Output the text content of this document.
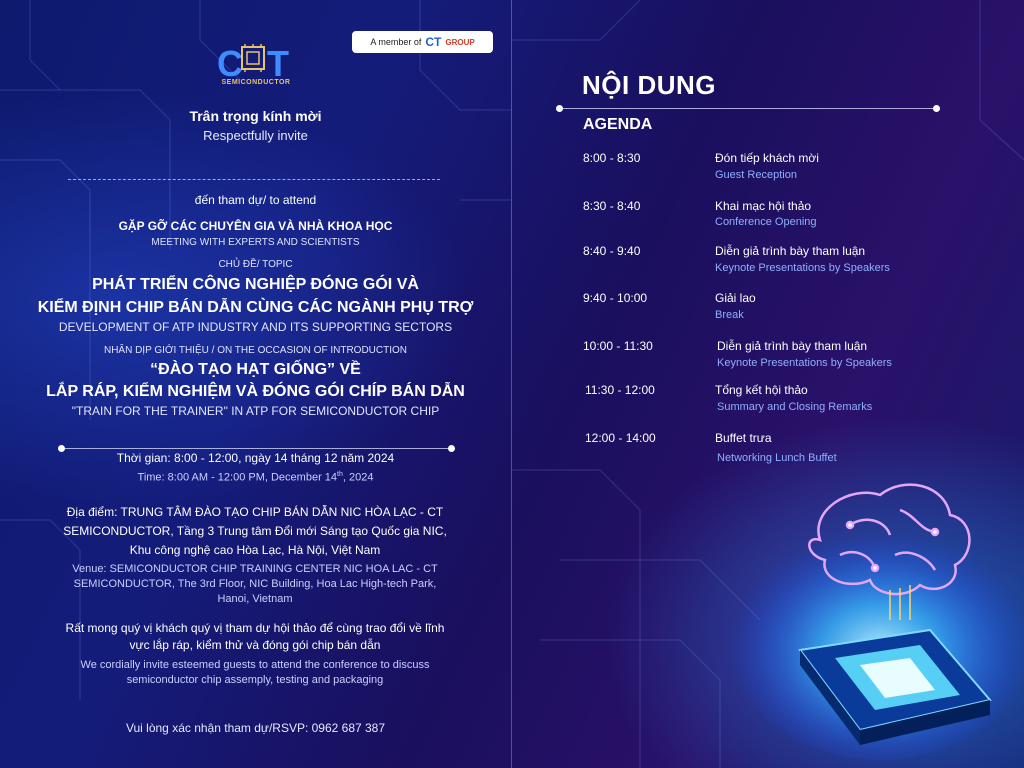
C T
SEMICONDUCTOR
A member of CT GROUP
Trân trọng kính mời
Respectfully invite
đến tham dự/ to attend
GẶP GỠ CÁC CHUYÊN GIA VÀ NHÀ KHOA HỌC
MEETING WITH EXPERTS AND SCIENTISTS
CHỦ ĐỀ/ TOPIC
PHÁT TRIỂN CÔNG NGHIỆP ĐÓNG GÓI VÀ
KIỂM ĐỊNH CHIP BÁN DẪN CÙNG CÁC NGÀNH PHỤ TRỢ
DEVELOPMENT OF ATP INDUSTRY AND ITS SUPPORTING SECTORS
NHÂN DỊP GIỚI THIỆU / ON THE OCCASION OF INTRODUCTION
“ĐÀO TẠO HẠT GIỐNG” VỀ
LẮP RÁP, KIỂM NGHIỆM VÀ ĐÓNG GÓI CHÍP BÁN DẪN
"TRAIN FOR THE TRAINER" IN ATP FOR SEMICONDUCTOR CHIP
Thời gian: 8:00 - 12:00, ngày 14 tháng 12 năm 2024
Time: 8:00 AM - 12:00 PM, December 14th, 2024
Địa điểm: TRUNG TÂM ĐÀO TẠO CHIP BÁN DẪN NIC HÒA LẠC - CT SEMICONDUCTOR, Tầng 3 Trung tâm Đổi mới Sáng tạo Quốc gia NIC, Khu công nghệ cao Hòa Lạc, Hà Nội, Việt Nam
Venue: SEMICONDUCTOR CHIP TRAINING CENTER NIC HOA LAC - CT SEMICONDUCTOR, The 3rd Floor, NIC Building, Hoa Lac High-tech Park, Hanoi, Vietnam
Rất mong quý vị khách quý vị tham dự hội thảo để cùng trao đổi về lĩnh vực lắp ráp, kiểm thử và đóng gói chip bán dẫn
We cordially invite esteemed guests to attend the conference to discuss semiconductor chip assemply, testing and packaging
Vui lòng xác nhận tham dự/RSVP: 0962 687 387
NỘI DUNG
AGENDA
8:00 - 8:30	Đón tiếp khách mời
Guest Reception
8:30 - 8:40	Khai mạc hội thảo
Conference Opening
8:40 - 9:40	Diễn giả trình bày tham luận
Keynote Presentations by Speakers
9:40 - 10:00	Giải lao
Break
10:00 - 11:30	Diễn giả trình bày tham luận
Keynote Presentations by Speakers
11:30 - 12:00	Tổng kết hội thảo
Summary and Closing Remarks
12:00 - 14:00	Buffet trưa
Networking Lunch Buffet
